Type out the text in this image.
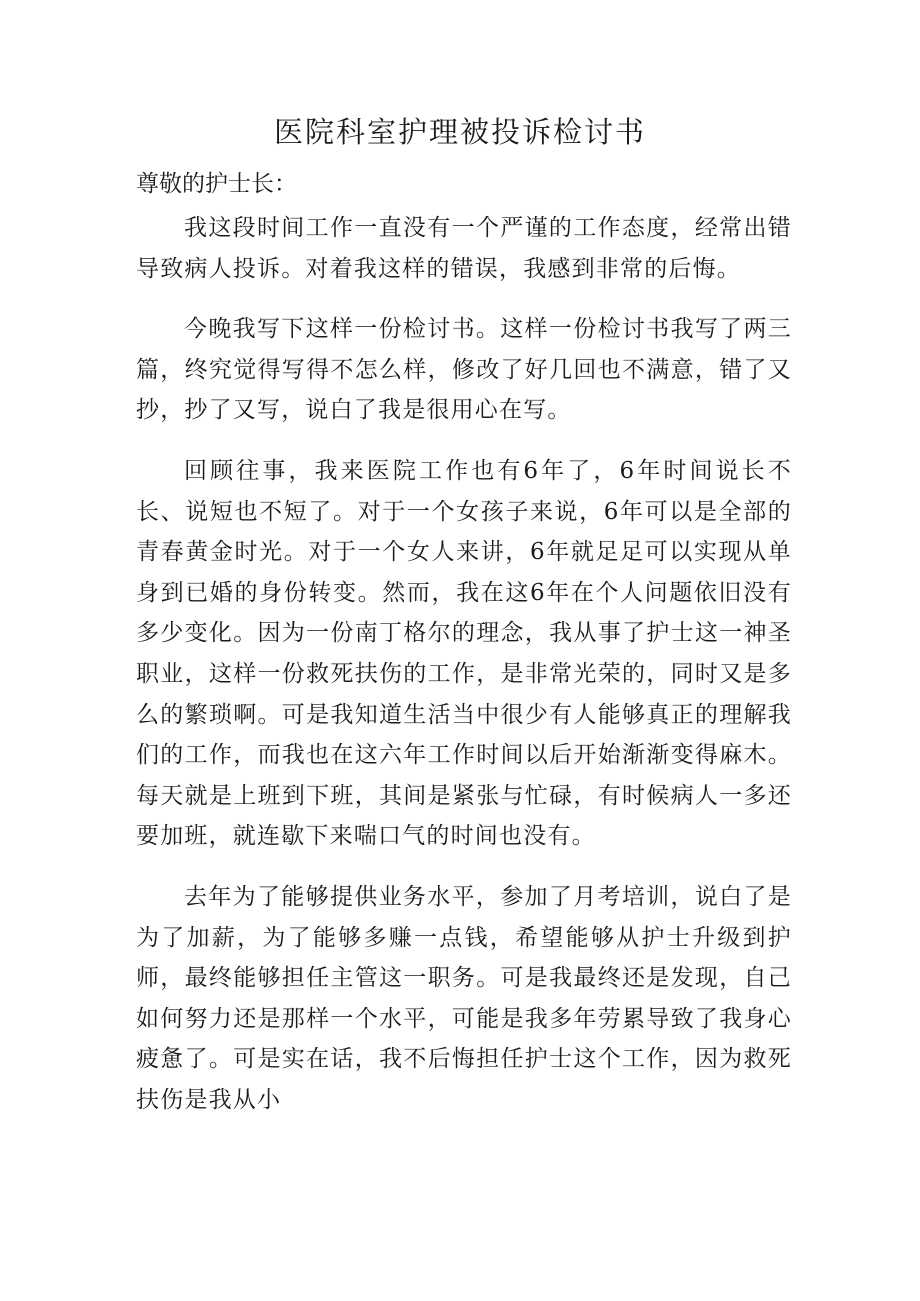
医院科室护理被投诉检讨书

尊敬的护士长：

我这段时间工作一直没有一个严谨的工作态度，经常出错导致病人投诉。对着我这样的错误，我感到非常的后悔。

今晚我写下这样一份检讨书。这样一份检讨书我写了两三篇，终究觉得写得不怎么样，修改了好几回也不满意，错了又抄，抄了又写，说白了我是很用心在写。

回顾往事，我来医院工作也有6年了，6年时间说长不长、说短也不短了。对于一个女孩子来说，6年可以是全部的青春黄金时光。对于一个女人来讲，6年就足足可以实现从单身到已婚的身份转变。然而，我在这6年在个人问题依旧没有多少变化。因为一份南丁格尔的理念，我从事了护士这一神圣职业，这样一份救死扶伤的工作，是非常光荣的，同时又是多么的繁琐啊。可是我知道生活当中很少有人能够真正的理解我们的工作，而我也在这六年工作时间以后开始渐渐变得麻木。每天就是上班到下班，其间是紧张与忙碌，有时候病人一多还要加班，就连歇下来喘口气的时间也没有。

去年为了能够提供业务水平，参加了月考培训，说白了是为了加薪，为了能够多赚一点钱，希望能够从护士升级到护师，最终能够担任主管这一职务。可是我最终还是发现，自己如何努力还是那样一个水平，可能是我多年劳累导致了我身心疲惫了。可是实在话，我不后悔担任护士这个工作，因为救死扶伤是我从小
